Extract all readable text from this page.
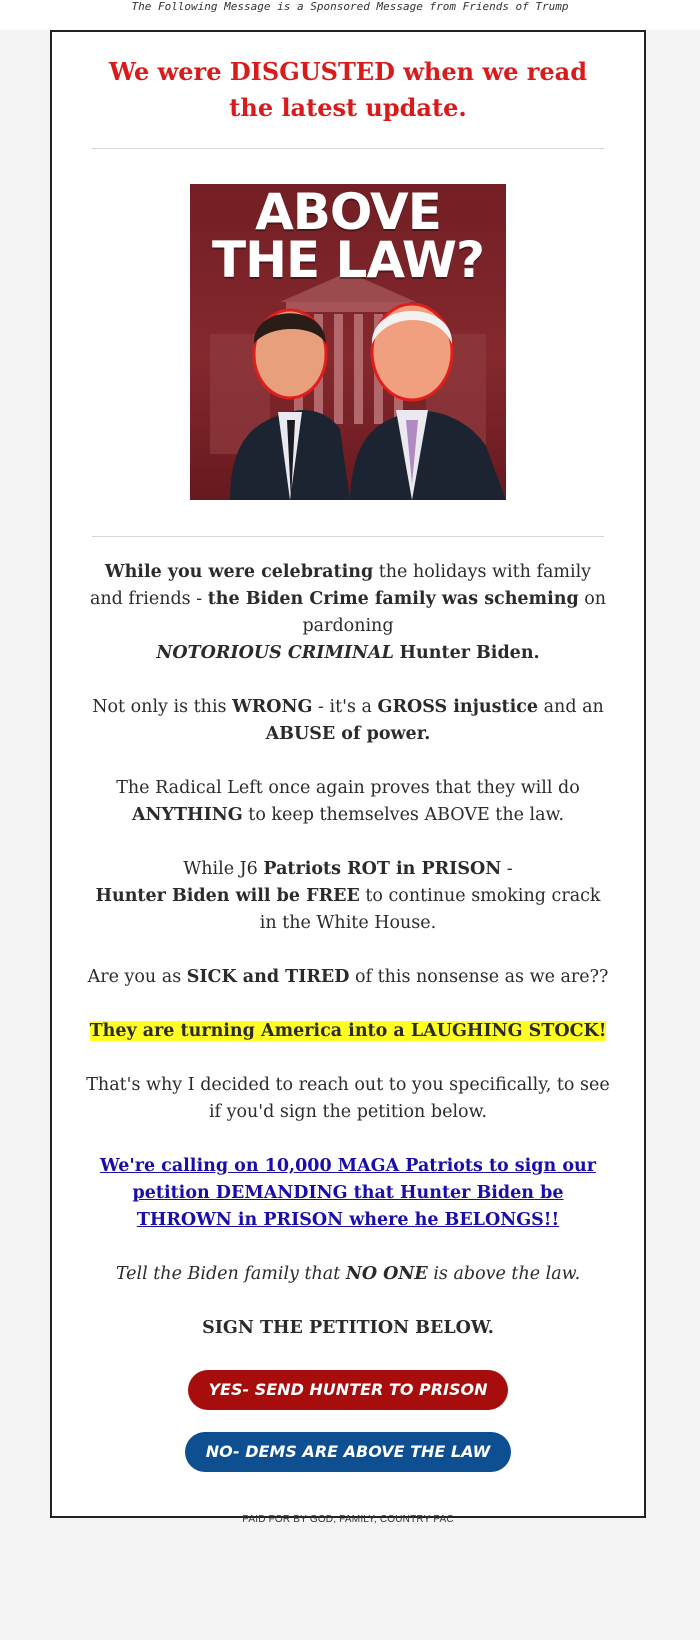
The Following Message is a Sponsored Message from Friends of Trump
We were DISGUSTED when we read the latest update.
ABOVE
THE LAW?

While you were celebrating the holidays with family and friends - the Biden Crime family was scheming on pardoning
NOTORIOUS CRIMINAL Hunter Biden.

Not only is this WRONG - it's a GROSS injustice and an
ABUSE of power.

The Radical Left once again proves that they will do ANYTHING to keep themselves ABOVE the law.

While J6 Patriots ROT in PRISON -
Hunter Biden will be FREE to continue smoking crack in the White House.

Are you as SICK and TIRED of this nonsense as we are??

They are turning America into a LAUGHING STOCK!

That's why I decided to reach out to you specifically, to see if you'd sign the petition below.

We're calling on 10,000 MAGA Patriots to sign our petition DEMANDING that Hunter Biden be THROWN in PRISON where he BELONGS!!

Tell the Biden family that NO ONE is above the law.

SIGN THE PETITION BELOW.

YES- SEND HUNTER TO PRISON
NO- DEMS ARE ABOVE THE LAW
PAID FOR BY GOD, FAMILY, COUNTRY PAC
